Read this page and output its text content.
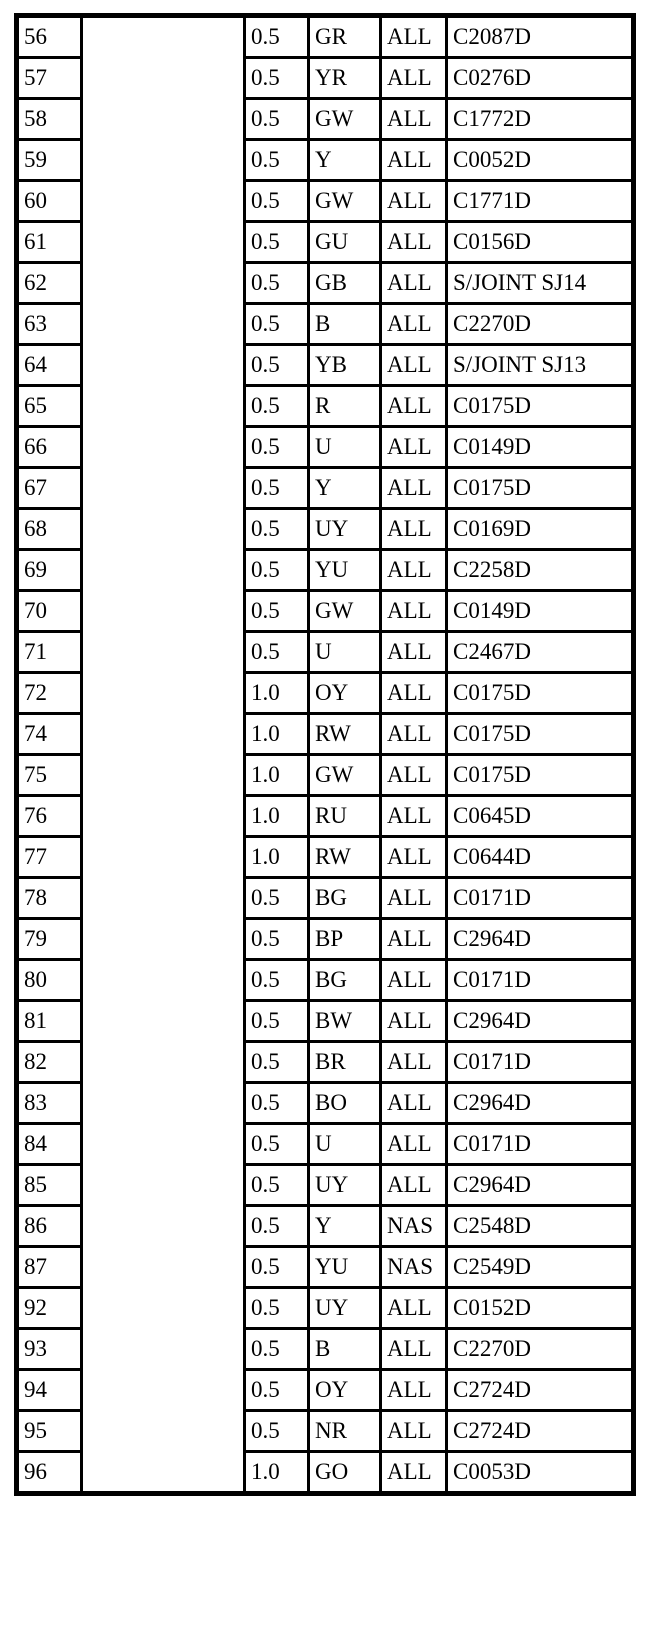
56		0.5	GR	ALL	C2087D
57		0.5	YR	ALL	C0276D
58		0.5	GW	ALL	C1772D
59		0.5	Y	ALL	C0052D
60		0.5	GW	ALL	C1771D
61		0.5	GU	ALL	C0156D
62		0.5	GB	ALL	S/JOINT SJ14
63		0.5	B	ALL	C2270D
64		0.5	YB	ALL	S/JOINT SJ13
65		0.5	R	ALL	C0175D
66		0.5	U	ALL	C0149D
67		0.5	Y	ALL	C0175D
68		0.5	UY	ALL	C0169D
69		0.5	YU	ALL	C2258D
70		0.5	GW	ALL	C0149D
71		0.5	U	ALL	C2467D
72		1.0	OY	ALL	C0175D
74		1.0	RW	ALL	C0175D
75		1.0	GW	ALL	C0175D
76		1.0	RU	ALL	C0645D
77		1.0	RW	ALL	C0644D
78		0.5	BG	ALL	C0171D
79		0.5	BP	ALL	C2964D
80		0.5	BG	ALL	C0171D
81		0.5	BW	ALL	C2964D
82		0.5	BR	ALL	C0171D
83		0.5	BO	ALL	C2964D
84		0.5	U	ALL	C0171D
85		0.5	UY	ALL	C2964D
86		0.5	Y	NAS	C2548D
87		0.5	YU	NAS	C2549D
92		0.5	UY	ALL	C0152D
93		0.5	B	ALL	C2270D
94		0.5	OY	ALL	C2724D
95		0.5	NR	ALL	C2724D
96		1.0	GO	ALL	C0053D
